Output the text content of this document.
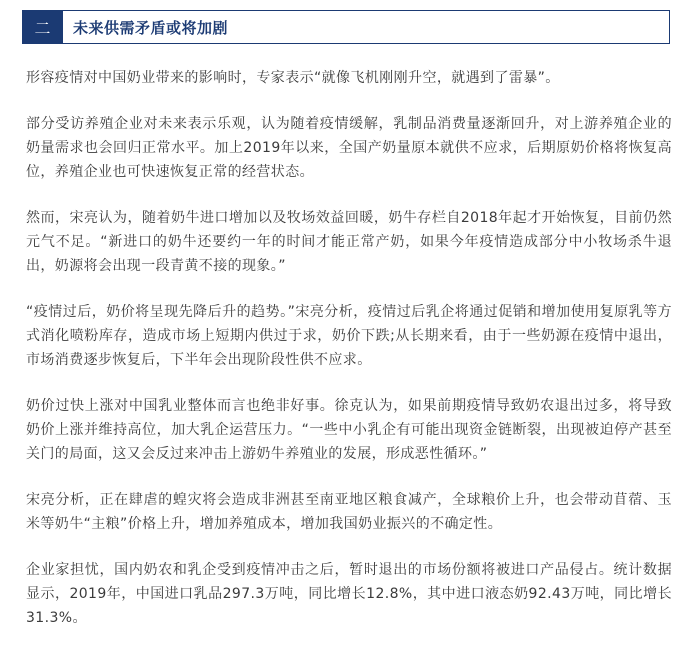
二	未来供需矛盾或将加剧

形容疫情对中国奶业带来的影响时，专家表示“就像飞机刚刚升空，就遇到了雷暴”。

部分受访养殖企业对未来表示乐观，认为随着疫情缓解，乳制品消费量逐渐回升，对上游养殖企业的奶量需求也会回归正常水平。加上2019年以来，全国产奶量原本就供不应求，后期原奶价格将恢复高位，养殖企业也可快速恢复正常的经营状态。

然而，宋亮认为，随着奶牛进口增加以及牧场效益回暖，奶牛存栏自2018年起才开始恢复，目前仍然元气不足。“新进口的奶牛还要约一年的时间才能正常产奶，如果今年疫情造成部分中小牧场杀牛退出，奶源将会出现一段青黄不接的现象。”

“疫情过后，奶价将呈现先降后升的趋势。”宋亮分析，疫情过后乳企将通过促销和增加使用复原乳等方式消化喷粉库存，造成市场上短期内供过于求，奶价下跌;从长期来看，由于一些奶源在疫情中退出，市场消费逐步恢复后，下半年会出现阶段性供不应求。

奶价过快上涨对中国乳业整体而言也绝非好事。徐克认为，如果前期疫情导致奶农退出过多，将导致奶价上涨并维持高位，加大乳企运营压力。“一些中小乳企有可能出现资金链断裂，出现被迫停产甚至关门的局面，这又会反过来冲击上游奶牛养殖业的发展，形成恶性循环。”

宋亮分析，正在肆虐的蝗灾将会造成非洲甚至南亚地区粮食减产，全球粮价上升，也会带动苜蓿、玉米等奶牛“主粮”价格上升，增加养殖成本，增加我国奶业振兴的不确定性。

企业家担忧，国内奶农和乳企受到疫情冲击之后，暂时退出的市场份额将被进口产品侵占。统计数据显示，2019年，中国进口乳品297.3万吨，同比增长12.8%，其中进口液态奶92.43万吨，同比增长31.3%。
